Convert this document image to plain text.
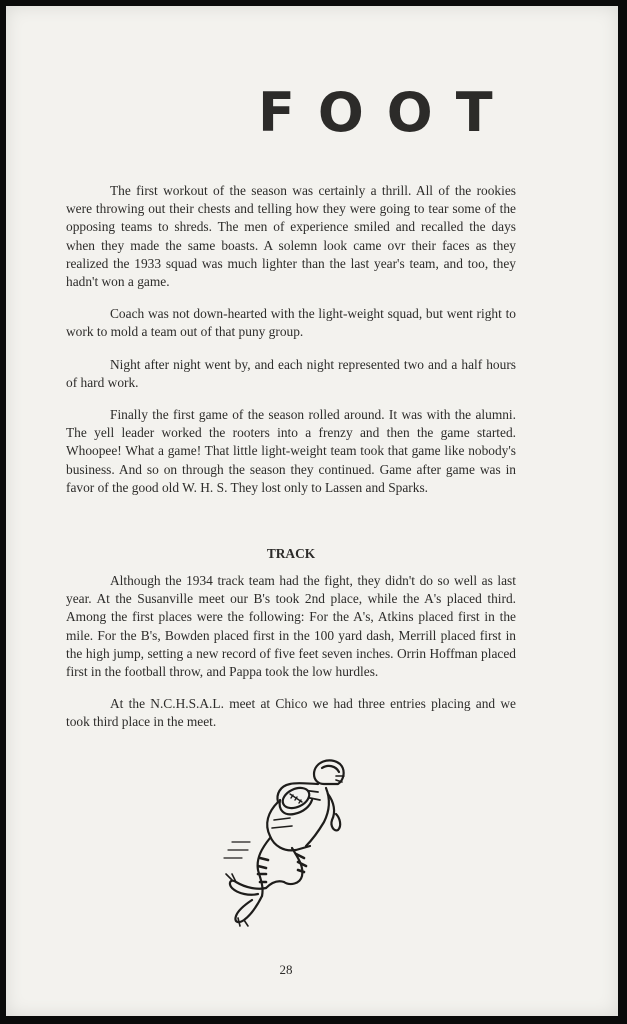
FOOT

The first workout of the season was certainly a thrill. All of the rookies were throwing out their chests and telling how they were going to tear some of the opposing teams to shreds. The men of experience smiled and recalled the days when they made the same boasts. A solemn look came ovr their faces as they realized the 1933 squad was much lighter than the last year's team, and too, they hadn't won a game.

Coach was not down-hearted with the light-weight squad, but went right to work to mold a team out of that puny group.

Night after night went by, and each night represented two and a half hours of hard work.

Finally the first game of the season rolled around. It was with the alumni. The yell leader worked the rooters into a frenzy and then the game started. Whoopee! What a game! That little light-weight team took that game like nobody's business. And so on through the season they continued. Game after game was in favor of the good old W. H. S. They lost only to Lassen and Sparks.

TRACK

Although the 1934 track team had the fight, they didn't do so well as last year. At the Susanville meet our B's took 2nd place, while the A's placed third. Among the first places were the following: For the A's, Atkins placed first in the mile. For the B's, Bowden placed first in the 100 yard dash, Merrill placed first in the high jump, setting a new record of five feet seven inches. Orrin Hoffman placed first in the football throw, and Pappa took the low hurdles.

At the N.C.H.S.A.L. meet at Chico we had three entries placing and we took third place in the meet.

28
